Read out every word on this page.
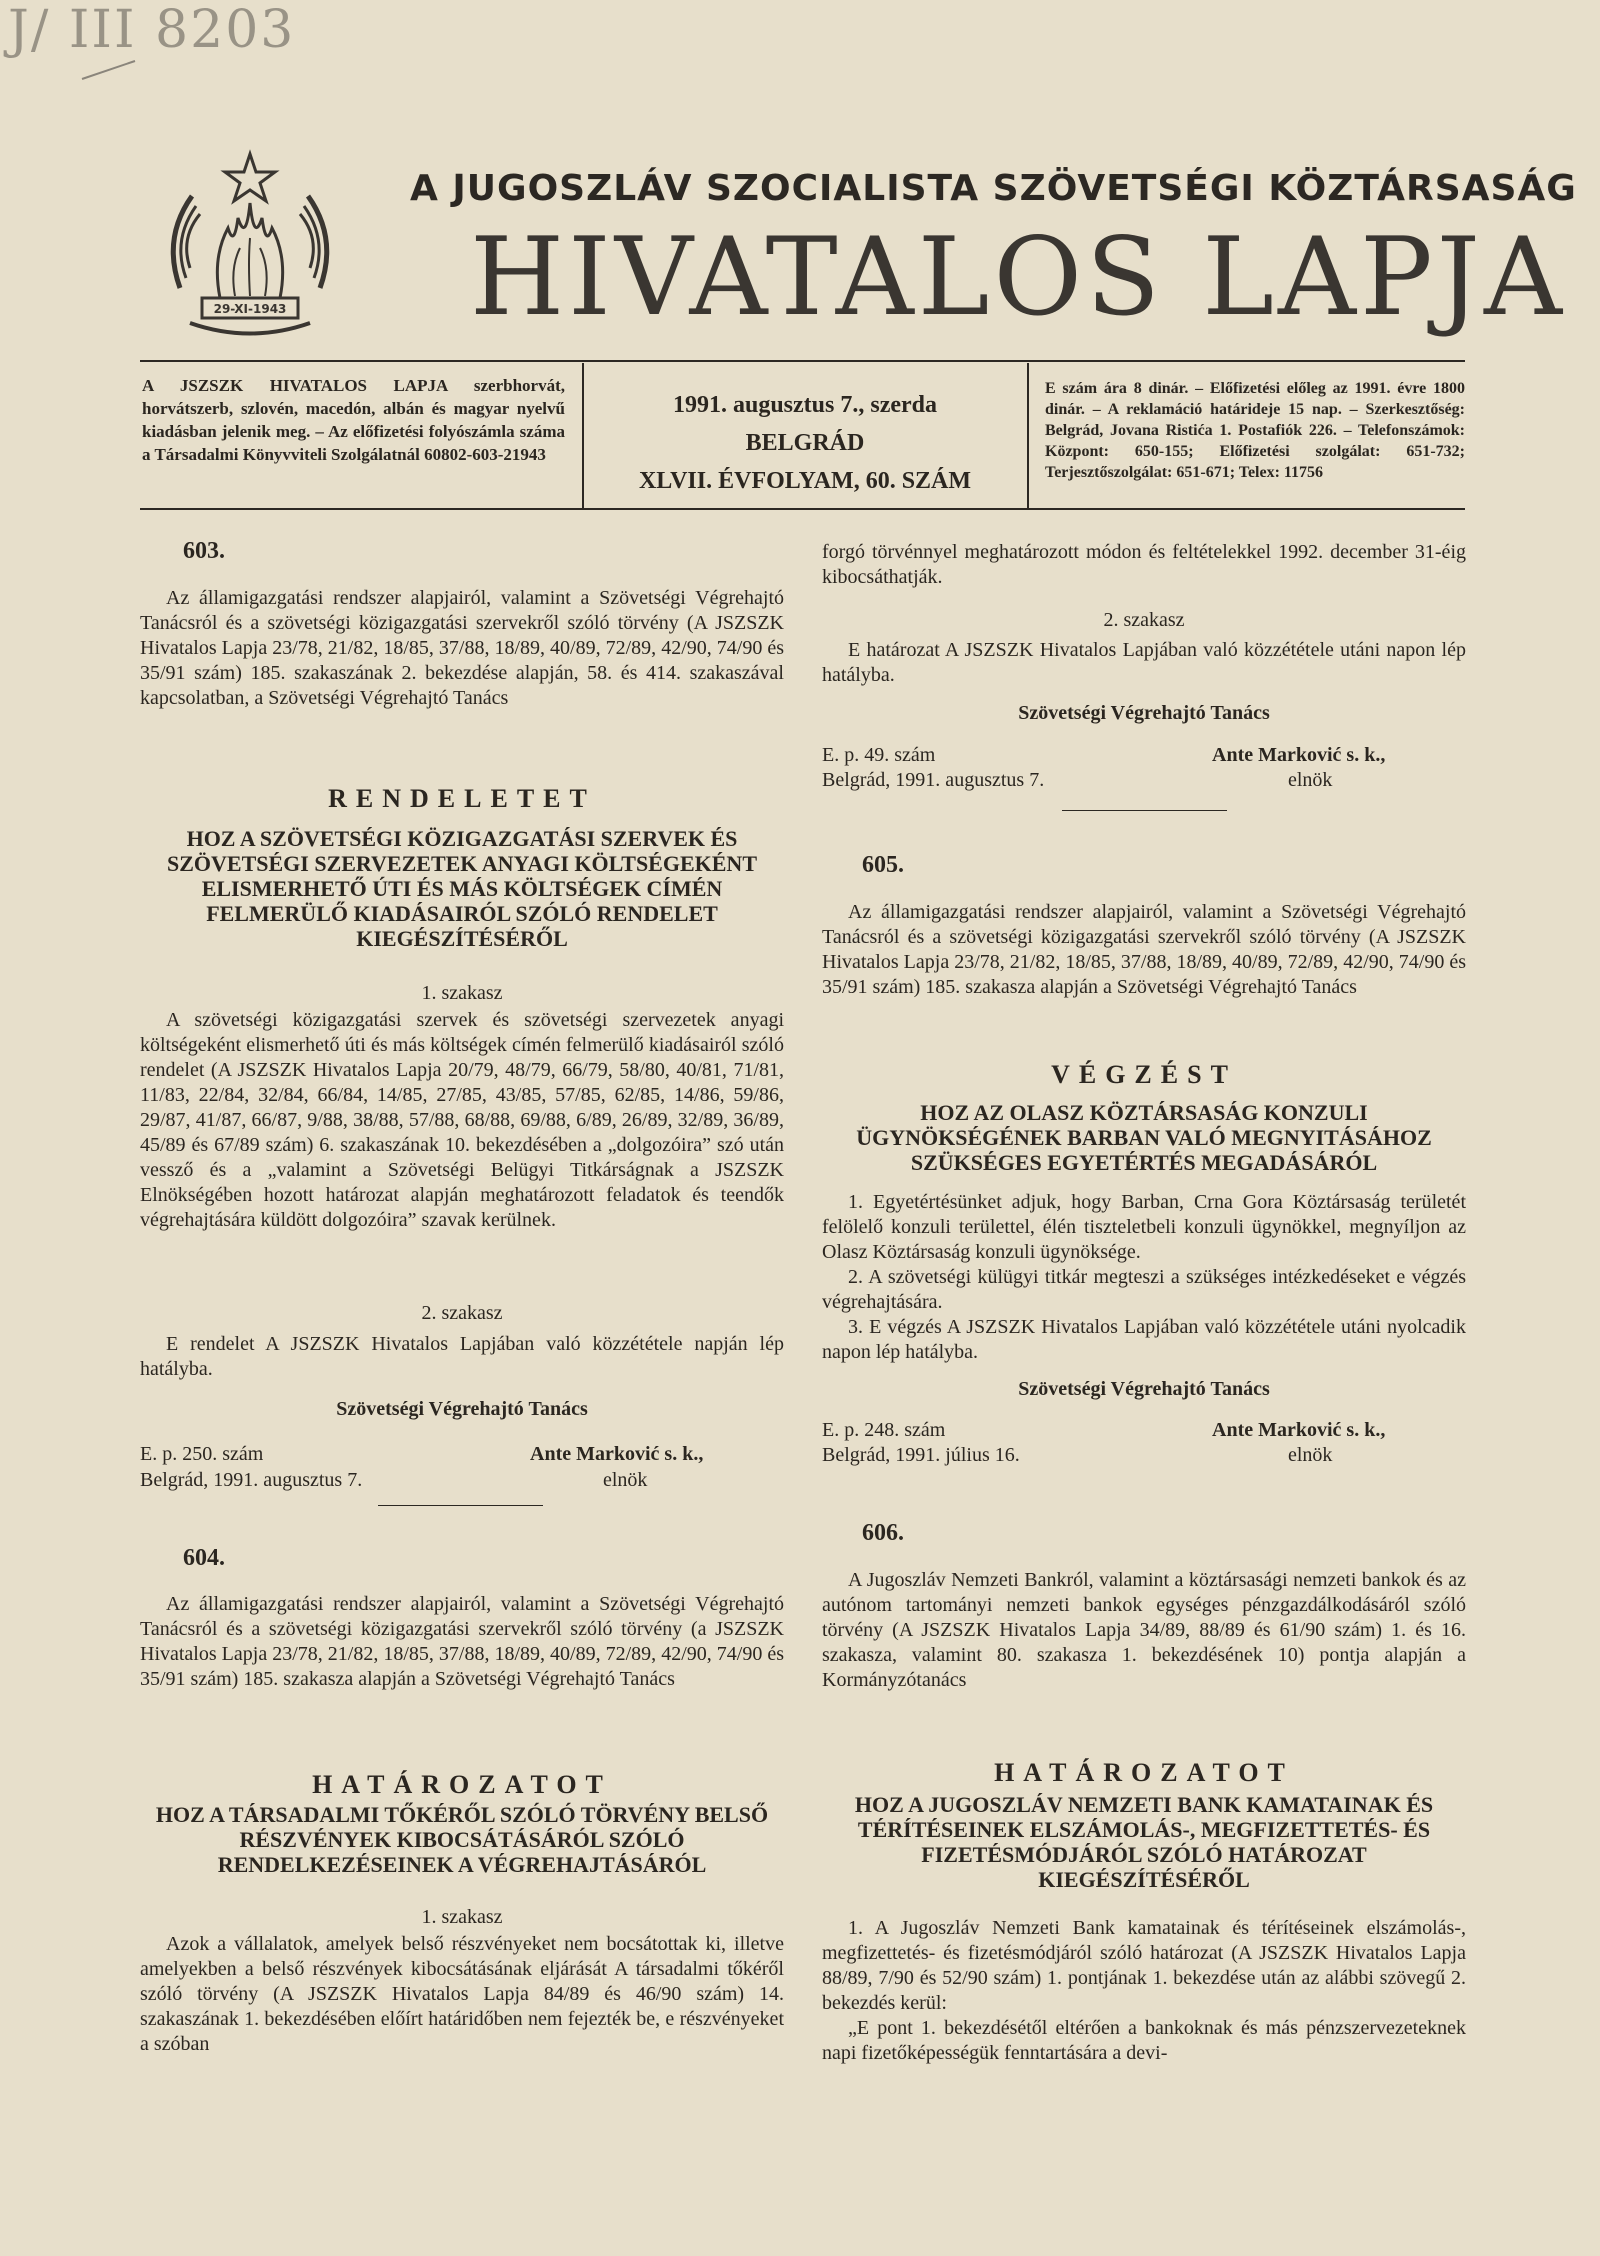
J/ III 8203
29-XI-1943
A JUGOSZLÁV SZOCIALISTA SZÖVETSÉGI KÖZTÁRSASÁG
HIVATALOS LAPJA
A JSZSZK HIVATALOS LAPJA szerbhorvát, horvátszerb, szlovén, macedón, albán és magyar nyelvű kiadásban jelenik meg. – Az előfizetési folyószámla száma a Társadalmi Könyvviteli Szolgálatnál 60802-603-21943
1991. augusztus 7., szerda
BELGRÁD
XLVII. ÉVFOLYAM, 60. SZÁM
E szám ára 8 dinár. – Előfizetési előleg az 1991. évre 1800 dinár. – A reklamáció határideje 15 nap. – Szerkesztőség: Belgrád, Jovana Ristića 1. Postafiók 226. – Telefonszámok: Központ: 650-155; Előfizetési szolgálat: 651-732; Terjesztőszolgálat: 651-671; Telex: 11756
603.
Az államigazgatási rendszer alapjairól, valamint a Szövetségi Végrehajtó Tanácsról és a szövetségi közigazgatási szervekről szóló törvény (A JSZSZK Hivatalos Lapja 23/78, 21/82, 18/85, 37/88, 18/89, 40/89, 72/89, 42/90, 74/90 és 35/91 szám) 185. szakaszának 2. bekezdése alapján, 58. és 414. szakaszával kapcsolatban, a Szövetségi Végrehajtó Tanács
RENDELETET
HOZ A SZÖVETSÉGI KÖZIGAZGATÁSI SZERVEK ÉS SZÖVETSÉGI SZERVEZETEK ANYAGI KÖLTSÉGEKÉNT ELISMERHETŐ ÚTI ÉS MÁS KÖLTSÉGEK CÍMÉN FELMERÜLŐ KIADÁSAIRÓL SZÓLÓ RENDELET KIEGÉSZÍTÉSÉRŐL
1. szakasz
A szövetségi közigazgatási szervek és szövetségi szervezetek anyagi költségeként elismerhető úti és más költségek címén felmerülő kiadásairól szóló rendelet (A JSZSZK Hivatalos Lapja 20/79, 48/79, 66/79, 58/80, 40/81, 71/81, 11/83, 22/84, 32/84, 66/84, 14/85, 27/85, 43/85, 57/85, 62/85, 14/86, 59/86, 29/87, 41/87, 66/87, 9/88, 38/88, 57/88, 68/88, 69/88, 6/89, 26/89, 32/89, 36/89, 45/89 és 67/89 szám) 6. szakaszának 10. bekezdésében a „dolgozóira” szó után vessző és a „valamint a Szövetségi Belügyi Titkárságnak a JSZSZK Elnökségében hozott határozat alapján meghatározott feladatok és teendők végrehajtására küldött dolgozóira” szavak kerülnek.
2. szakasz
E rendelet A JSZSZK Hivatalos Lapjában való közzététele napján lép hatályba.
Szövetségi Végrehajtó Tanács
E. p. 250. szám
Belgrád, 1991. augusztus 7.
Ante Marković s. k.,
elnök
604.
Az államigazgatási rendszer alapjairól, valamint a Szövetségi Végrehajtó Tanácsról és a szövetségi közigazgatási szervekről szóló törvény (a JSZSZK Hivatalos Lapja 23/78, 21/82, 18/85, 37/88, 18/89, 40/89, 72/89, 42/90, 74/90 és 35/91 szám) 185. szakasza alapján a Szövetségi Végrehajtó Tanács
HATÁROZATOT
HOZ A TÁRSADALMI TŐKÉRŐL SZÓLÓ TÖRVÉNY BELSŐ RÉSZVÉNYEK KIBOCSÁTÁSÁRÓL SZÓLÓ RENDELKEZÉSEINEK A VÉGREHAJTÁSÁRÓL
1. szakasz
Azok a vállalatok, amelyek belső részvényeket nem bocsátottak ki, illetve amelyekben a belső részvények kibocsátásának eljárását A társadalmi tőkéről szóló törvény (A JSZSZK Hivatalos Lapja 84/89 és 46/90 szám) 14. szakaszának 1. bekezdésében előírt határidőben nem fejezték be, e részvényeket a szóban
forgó törvénnyel meghatározott módon és feltételekkel 1992. december 31-éig kibocsáthatják.
2. szakasz
E határozat A JSZSZK Hivatalos Lapjában való közzététele utáni napon lép hatályba.
Szövetségi Végrehajtó Tanács
E. p. 49. szám
Belgrád, 1991. augusztus 7.
Ante Marković s. k.,
elnök
605.
Az államigazgatási rendszer alapjairól, valamint a Szövetségi Végrehajtó Tanácsról és a szövetségi közigazgatási szervekről szóló törvény (A JSZSZK Hivatalos Lapja 23/78, 21/82, 18/85, 37/88, 18/89, 40/89, 72/89, 42/90, 74/90 és 35/91 szám) 185. szakasza alapján a Szövetségi Végrehajtó Tanács
VÉGZÉST
HOZ AZ OLASZ KÖZTÁRSASÁG KONZULI ÜGYNÖKSÉGÉNEK BARBAN VALÓ MEGNYITÁSÁHOZ SZÜKSÉGES EGYETÉRTÉS MEGADÁSÁRÓL
1. Egyetértésünket adjuk, hogy Barban, Crna Gora Köztársaság területét felölelő konzuli területtel, élén tiszteletbeli konzuli ügynökkel, megnyíljon az Olasz Köztársaság konzuli ügynöksége.
2. A szövetségi külügyi titkár megteszi a szükséges intézkedéseket e végzés végrehajtására.
3. E végzés A JSZSZK Hivatalos Lapjában való közzététele utáni nyolcadik napon lép hatályba.
Szövetségi Végrehajtó Tanács
E. p. 248. szám
Belgrád, 1991. július 16.
Ante Marković s. k.,
elnök
606.
A Jugoszláv Nemzeti Bankról, valamint a köztársasági nemzeti bankok és az autónom tartományi nemzeti bankok egységes pénzgazdálkodásáról szóló törvény (A JSZSZK Hivatalos Lapja 34/89, 88/89 és 61/90 szám) 1. és 16. szakasza, valamint 80. szakasza 1. bekezdésének 10) pontja alapján a Kormányzótanács
HATÁROZATOT
HOZ A JUGOSZLÁV NEMZETI BANK KAMATAINAK ÉS TÉRÍTÉSEINEK ELSZÁMOLÁS-, MEGFIZETTETÉS- ÉS FIZETÉSMÓDJÁRÓL SZÓLÓ HATÁROZAT KIEGÉSZÍTÉSÉRŐL
1. A Jugoszláv Nemzeti Bank kamatainak és térítéseinek elszámolás-, megfizettetés- és fizetésmódjáról szóló határozat (A JSZSZK Hivatalos Lapja 88/89, 7/90 és 52/90 szám) 1. pontjának 1. bekezdése után az alábbi szövegű 2. bekezdés kerül:
„E pont 1. bekezdésétől eltérően a bankoknak és más pénzszervezeteknek napi fizetőképességük fenntartására a devi-
